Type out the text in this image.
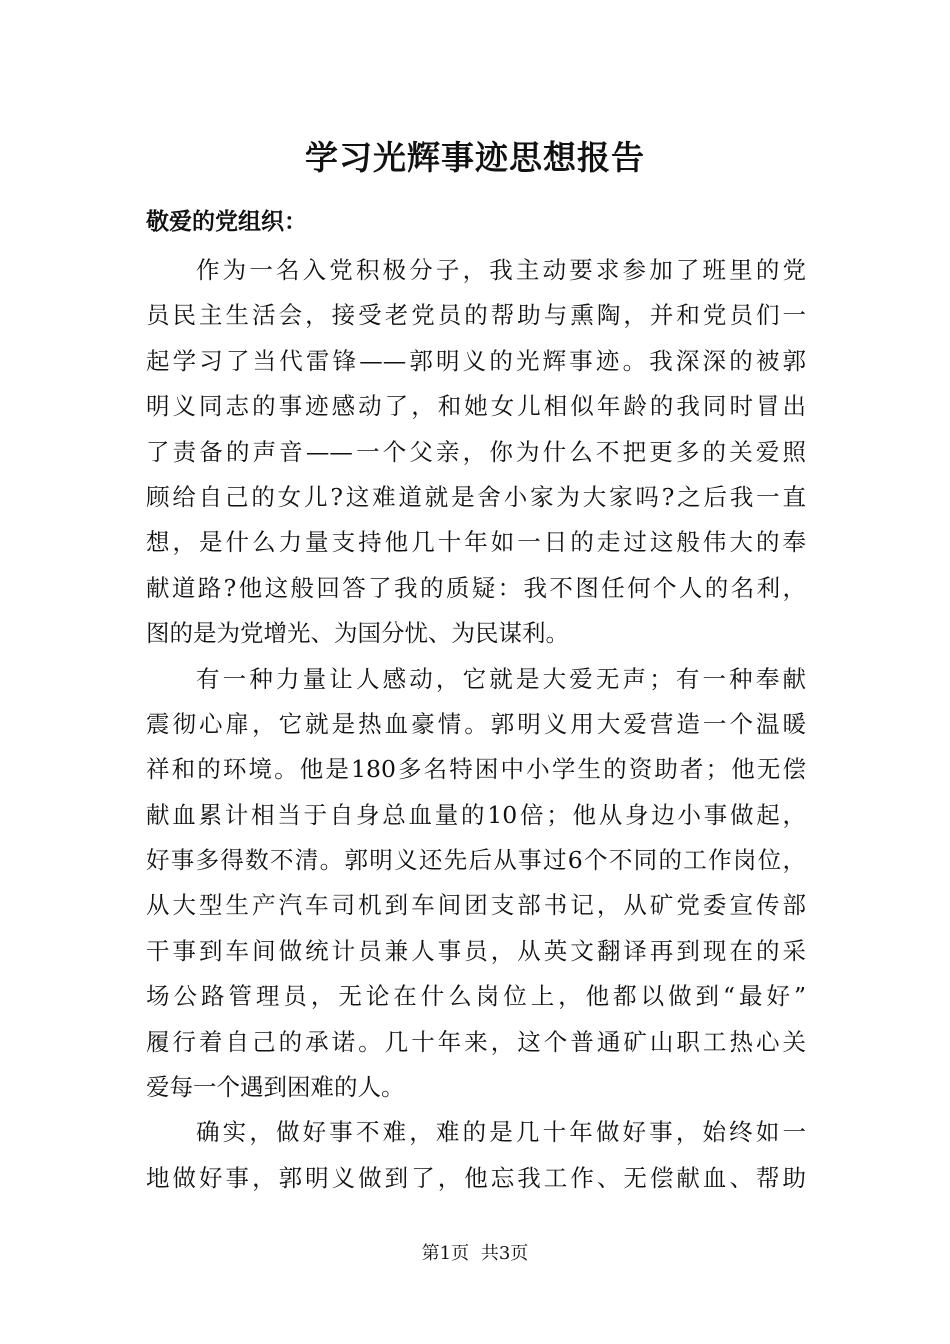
学习光辉事迹思想报告

敬爱的党组织：

作为一名入党积极分子，我主动要求参加了班里的党
员民主生活会，接受老党员的帮助与熏陶，并和党员们一
起学习了当代雷锋——郭明义的光辉事迹。我深深的被郭
明义同志的事迹感动了，和她女儿相似年龄的我同时冒出
了责备的声音——一个父亲，你为什么不把更多的关爱照
顾给自己的女儿?这难道就是舍小家为大家吗?之后我一直
想，是什么力量支持他几十年如一日的走过这般伟大的奉
献道路?他这般回答了我的质疑：我不图任何个人的名利，
图的是为党增光、为国分忧、为民谋利。
有一种力量让人感动，它就是大爱无声；有一种奉献
震彻心扉，它就是热血豪情。郭明义用大爱营造一个温暖
祥和的环境。他是180多名特困中小学生的资助者；他无偿
献血累计相当于自身总血量的10倍；他从身边小事做起，
好事多得数不清。郭明义还先后从事过6个不同的工作岗位，
从大型生产汽车司机到车间团支部书记，从矿党委宣传部
干事到车间做统计员兼人事员，从英文翻译再到现在的采
场公路管理员，无论在什么岗位上，他都以做到“最好”
履行着自己的承诺。几十年来，这个普通矿山职工热心关
爱每一个遇到困难的人。
确实，做好事不难，难的是几十年做好事，始终如一
地做好事，郭明义做到了，他忘我工作、无偿献血、帮助
第1页 共3页
